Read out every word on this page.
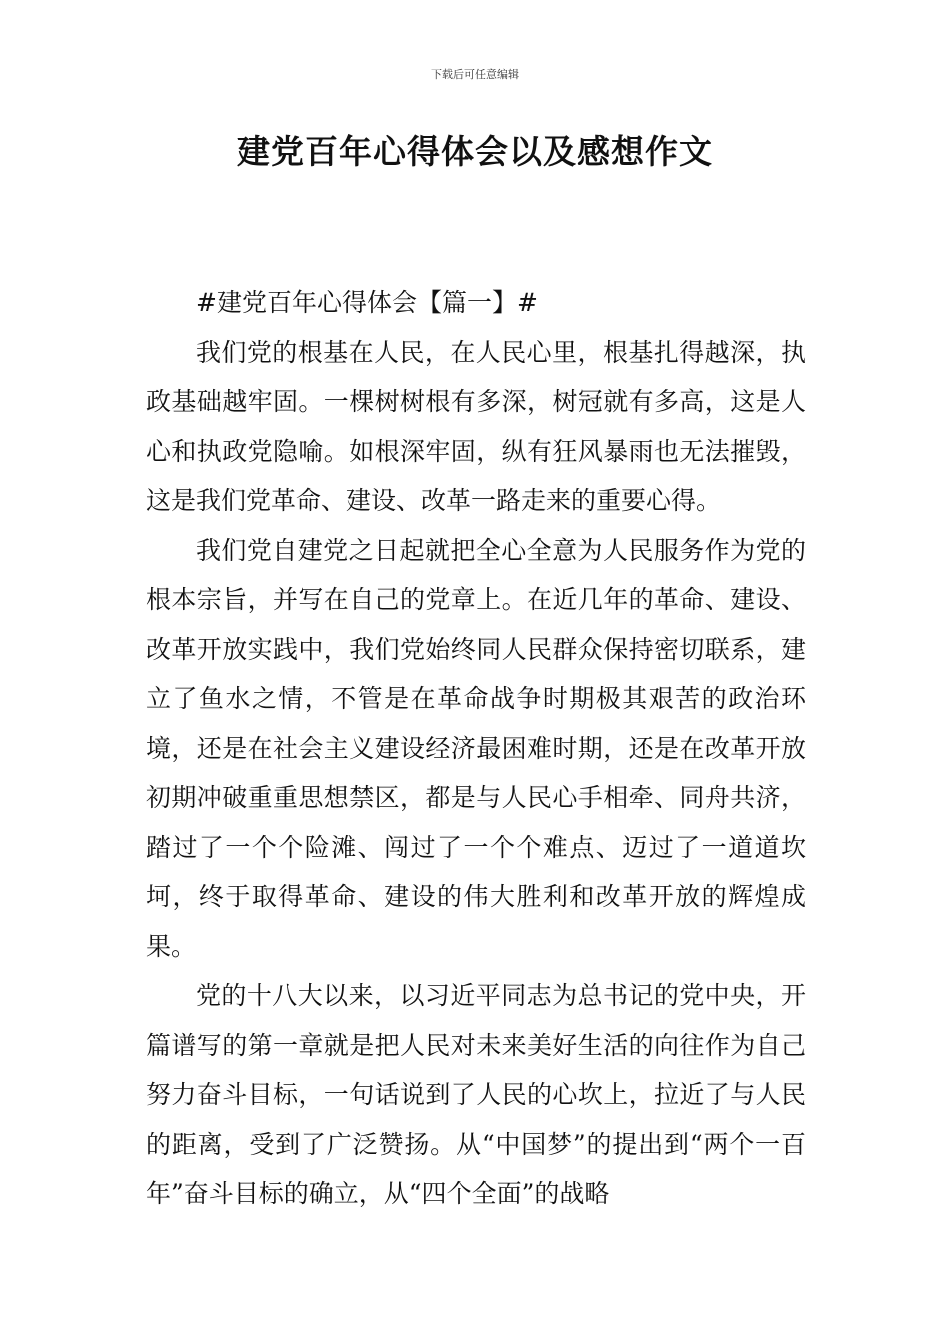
下载后可任意编辑
建党百年心得体会以及感想作文

#建党百年心得体会【篇一】#

我们党的根基在人民，在人民心里，根基扎得越深，执政基础越牢固。一棵树树根有多深，树冠就有多高，这是人心和执政党隐喻。如根深牢固，纵有狂风暴雨也无法摧毁，这是我们党革命、建设、改革一路走来的重要心得。

我们党自建党之日起就把全心全意为人民服务作为党的根本宗旨，并写在自己的党章上。在近几年的革命、建设、改革开放实践中，我们党始终同人民群众保持密切联系，建立了鱼水之情，不管是在革命战争时期极其艰苦的政治环境，还是在社会主义建设经济最困难时期，还是在改革开放初期冲破重重思想禁区，都是与人民心手相牵、同舟共济，踏过了一个个险滩、闯过了一个个难点、迈过了一道道坎坷，终于取得革命、建设的伟大胜利和改革开放的辉煌成果。

党的十八大以来，以习近平同志为总书记的党中央，开篇谱写的第一章就是把人民对未来美好生活的向往作为自己努力奋斗目标，一句话说到了人民的心坎上，拉近了与人民的距离，受到了广泛赞扬。从“中国梦”的提出到“两个一百年”奋斗目标的确立，从“四个全面”的战略
